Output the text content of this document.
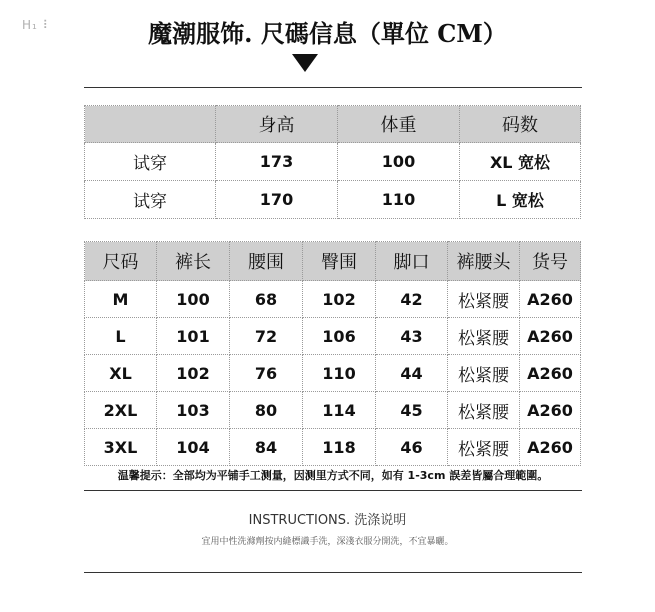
H₁ ⠇	魔潮服饰. 尺碼信息（單位 CM）
	身高	体重	码数
试穿	173	100	XL 宽松
试穿	170	110	L 宽松
尺码	裤长	腰围	臀围	脚口	裤腰头	货号
M	100	68	102	42	松紧腰	A260
L	101	72	106	43	松紧腰	A260
XL	102	76	110	44	松紧腰	A260
2XL	103	80	114	45	松紧腰	A260
3XL	104	84	118	46	松紧腰	A260
温馨提示：全部均为平铺手工测量，因测里方式不同，如有 1-3cm 誤差皆屬合理範圍。
INSTRUCTIONS. 洗涤说明
宜用中性洗滌劑按内縫標識手洗，深淺衣服分開洗，不宜暴曬。
